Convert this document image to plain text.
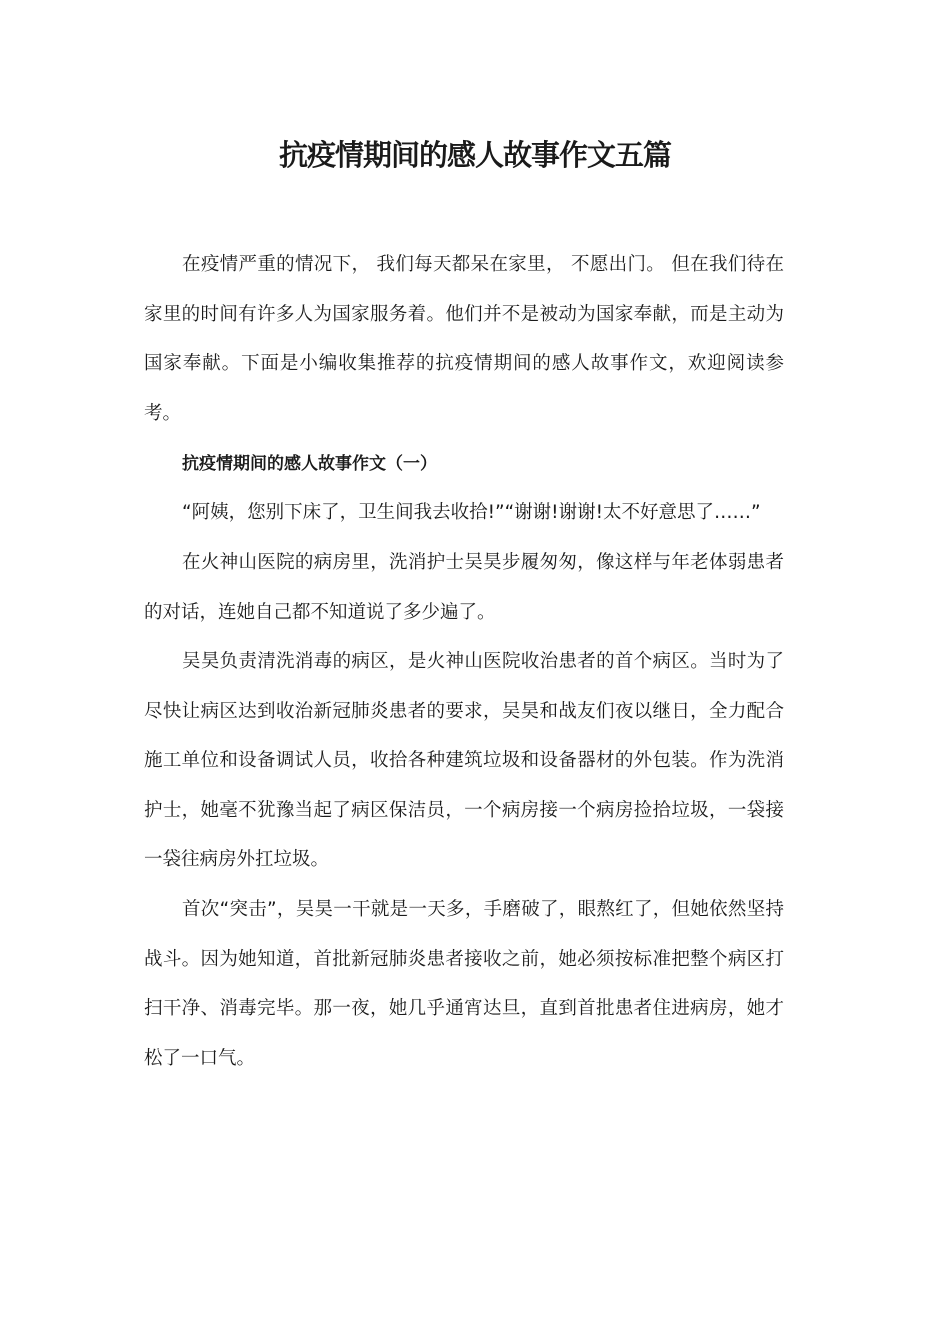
抗疫情期间的感人故事作文五篇

在疫情严重的情况下， 我们每天都呆在家里， 不愿出门。 但在我们待在家里的时间有许多人为国家服务着。他们并不是被动为国家奉献，而是主动为国家奉献。下面是小编收集推荐的抗疫情期间的感人故事作文，欢迎阅读参考。

抗疫情期间的感人故事作文（一）

“阿姨，您别下床了，卫生间我去收拾!”“谢谢!谢谢!太不好意思了……”

在火神山医院的病房里，洗消护士吴昊步履匆匆，像这样与年老体弱患者的对话，连她自己都不知道说了多少遍了。

吴昊负责清洗消毒的病区，是火神山医院收治患者的首个病区。当时为了尽快让病区达到收治新冠肺炎患者的要求，吴昊和战友们夜以继日，全力配合施工单位和设备调试人员，收拾各种建筑垃圾和设备器材的外包装。作为洗消护士，她毫不犹豫当起了病区保洁员，一个病房接一个病房捡拾垃圾，一袋接一袋往病房外扛垃圾。

首次“突击”，吴昊一干就是一天多，手磨破了，眼熬红了，但她依然坚持战斗。因为她知道，首批新冠肺炎患者接收之前，她必须按标准把整个病区打扫干净、消毒完毕。那一夜，她几乎通宵达旦，直到首批患者住进病房，她才松了一口气。
